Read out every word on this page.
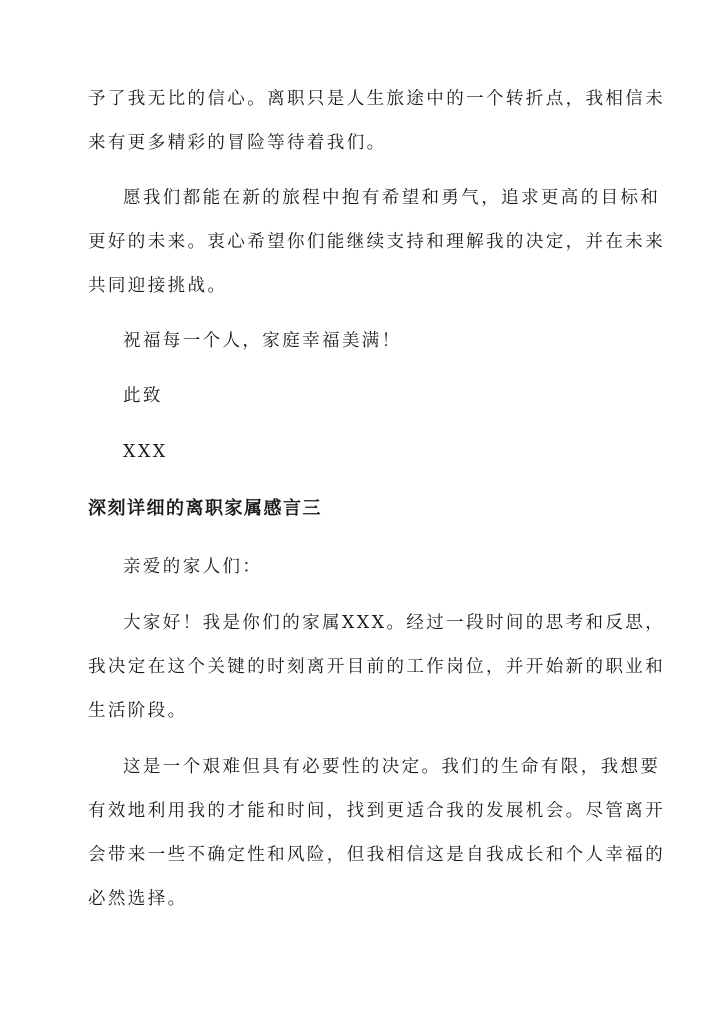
予了我无比的信心。离职只是人生旅途中的一个转折点，我相信未
来有更多精彩的冒险等待着我们。
愿我们都能在新的旅程中抱有希望和勇气，追求更高的目标和
更好的未来。衷心希望你们能继续支持和理解我的决定，并在未来
共同迎接挑战。
祝福每一个人，家庭幸福美满！
此致
XXX
深刻详细的离职家属感言三
亲爱的家人们：
大家好！我是你们的家属XXX。经过一段时间的思考和反思，
我决定在这个关键的时刻离开目前的工作岗位，并开始新的职业和
生活阶段。
这是一个艰难但具有必要性的决定。我们的生命有限，我想要
有效地利用我的才能和时间，找到更适合我的发展机会。尽管离开
会带来一些不确定性和风险，但我相信这是自我成长和个人幸福的
必然选择。
